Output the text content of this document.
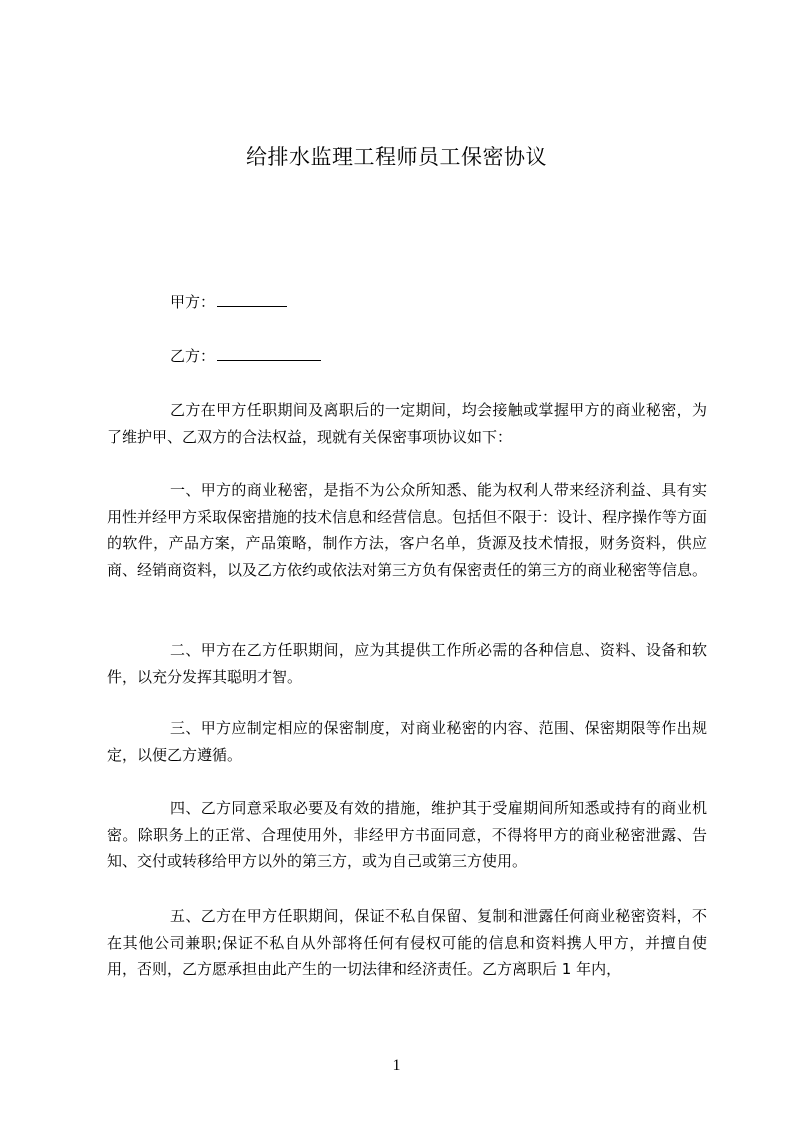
给排水监理工程师员工保密协议
甲方：
乙方：

乙方在甲方任职期间及离职后的一定期间，均会接触或掌握甲方的商业秘密，为了维护甲、乙双方的合法权益，现就有关保密事项协议如下：

一、甲方的商业秘密，是指不为公众所知悉、能为权利人带来经济利益、具有实用性并经甲方采取保密措施的技术信息和经营信息。包括但不限于：设计、程序操作等方面的软件，产品方案，产品策略，制作方法，客户名单，货源及技术情报，财务资料，供应商、经销商资料，以及乙方依约或依法对第三方负有保密责任的第三方的商业秘密等信息。

二、甲方在乙方任职期间，应为其提供工作所必需的各种信息、资料、设备和软件，以充分发挥其聪明才智。

三、甲方应制定相应的保密制度，对商业秘密的内容、范围、保密期限等作出规定，以便乙方遵循。

四、乙方同意采取必要及有效的措施，维护其于受雇期间所知悉或持有的商业机密。除职务上的正常、合理使用外，非经甲方书面同意，不得将甲方的商业秘密泄露、告知、交付或转移给甲方以外的第三方，或为自己或第三方使用。

五、乙方在甲方任职期间，保证不私自保留、复制和泄露任何商业秘密资料，不在其他公司兼职;保证不私自从外部将任何有侵权可能的信息和资料携人甲方，并擅自使用，否则，乙方愿承担由此产生的一切法律和经济责任。乙方离职后 1 年内，

1
